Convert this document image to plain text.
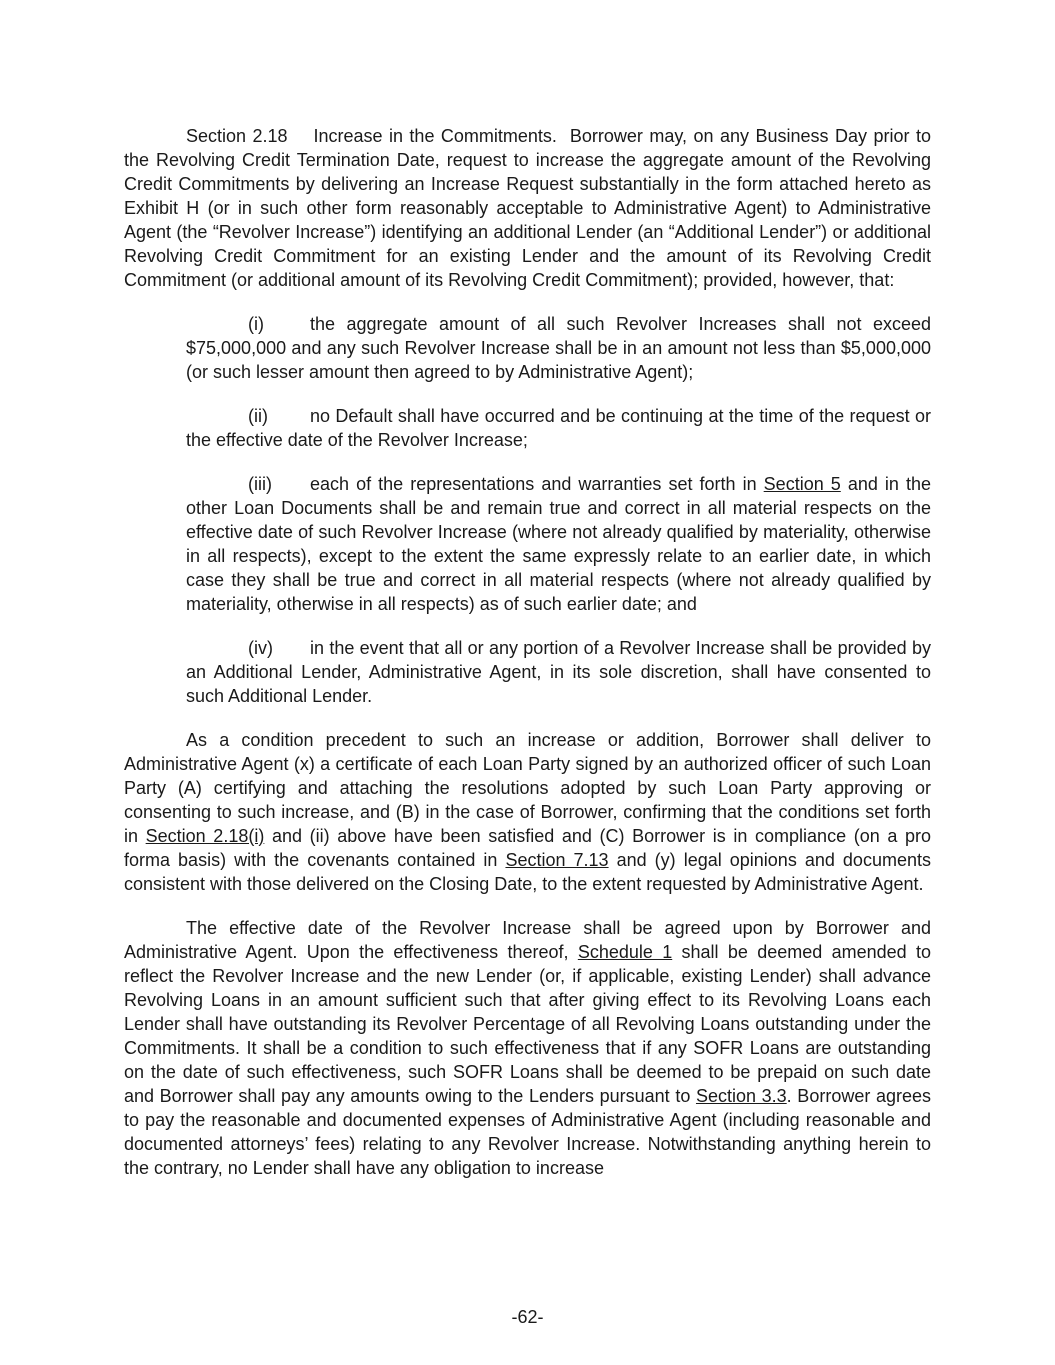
Section 2.18 Increase in the Commitments. Borrower may, on any Business Day prior to the Revolving Credit Termination Date, request to increase the aggregate amount of the Revolving Credit Commitments by delivering an Increase Request substantially in the form attached hereto as Exhibit H (or in such other form reasonably acceptable to Administrative Agent) to Administrative Agent (the “Revolver Increase”) identifying an additional Lender (an “Additional Lender”) or additional Revolving Credit Commitment for an existing Lender and the amount of its Revolving Credit Commitment (or additional amount of its Revolving Credit Commitment); provided, however, that:

(i)	the aggregate amount of all such Revolver Increases shall not exceed $75,000,000 and any such Revolver Increase shall be in an amount not less than $5,000,000 (or such lesser amount then agreed to by Administrative Agent);

(ii) no Default shall have occurred and be continuing at the time of the request or the effective date of the Revolver Increase;

(iii) each of the representations and warranties set forth in Section 5 and in the other Loan Documents shall be and remain true and correct in all material respects on the effective date of such Revolver Increase (where not already qualified by materiality, otherwise in all respects), except to the extent the same expressly relate to an earlier date, in which case they shall be true and correct in all material respects (where not already qualified by materiality, otherwise in all respects) as of such earlier date; and

(iv) in the event that all or any portion of a Revolver Increase shall be provided by an Additional Lender, Administrative Agent, in its sole discretion, shall have consented to such Additional Lender.

As a condition precedent to such an increase or addition, Borrower shall deliver to Administrative Agent (x) a certificate of each Loan Party signed by an authorized officer of such Loan Party (A) certifying and attaching the resolutions adopted by such Loan Party approving or consenting to such increase, and (B) in the case of Borrower, confirming that the conditions set forth in Section 2.18(i) and (ii) above have been satisfied and (C) Borrower is in compliance (on a pro forma basis) with the covenants contained in Section 7.13 and (y) legal opinions and documents consistent with those delivered on the Closing Date, to the extent requested by Administrative Agent.

The effective date of the Revolver Increase shall be agreed upon by Borrower and Administrative Agent. Upon the effectiveness thereof, Schedule 1 shall be deemed amended to reflect the Revolver Increase and the new Lender (or, if applicable, existing Lender) shall advance Revolving Loans in an amount sufficient such that after giving effect to its Revolving Loans each Lender shall have outstanding its Revolver Percentage of all Revolving Loans outstanding under the Commitments. It shall be a condition to such effectiveness that if any SOFR Loans are outstanding on the date of such effectiveness, such SOFR Loans shall be deemed to be prepaid on such date and Borrower shall pay any amounts owing to the Lenders pursuant to Section 3.3. Borrower agrees to pay the reasonable and documented expenses of Administrative Agent (including reasonable and documented attorneys’ fees) relating to any Revolver Increase. Notwithstanding anything herein to the contrary, no Lender shall have any obligation to increase

-62-
